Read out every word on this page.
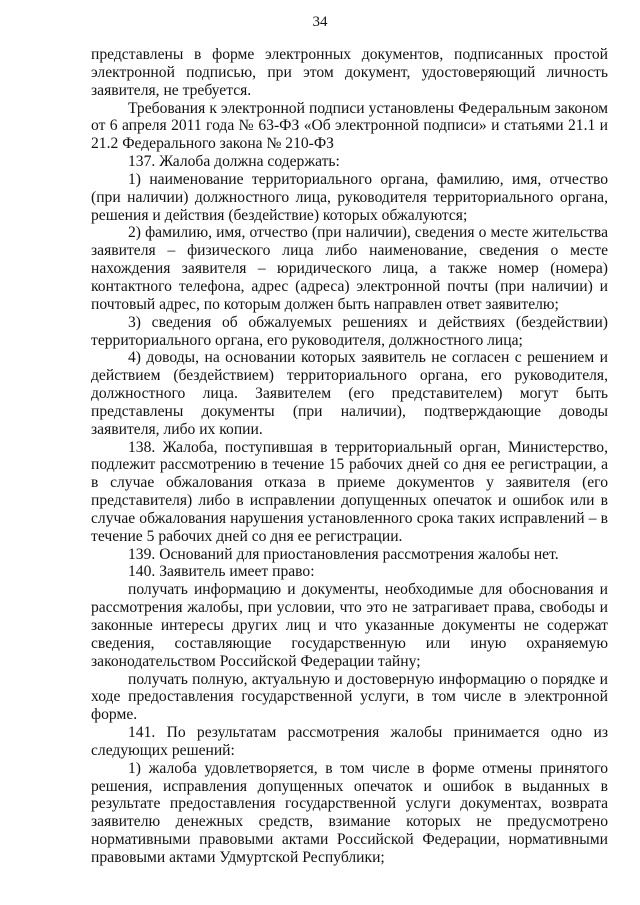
34

представлены в форме электронных документов, подписанных простой электронной подписью, при этом документ, удостоверяющий личность заявителя, не требуется.

Требования к электронной подписи установлены Федеральным законом от 6 апреля 2011 года № 63-ФЗ «Об электронной подписи» и статьями 21.1 и 21.2 Федерального закона № 210-ФЗ

137. Жалоба должна содержать:

1) наименование территориального органа, фамилию, имя, отчество (при наличии) должностного лица, руководителя территориального органа, решения и действия (бездействие) которых обжалуются;

2) фамилию, имя, отчество (при наличии), сведения о месте жительства заявителя – физического лица либо наименование, сведения о месте нахождения заявителя – юридического лица, а также номер (номера) контактного телефона, адрес (адреса) электронной почты (при наличии) и почтовый адрес, по которым должен быть направлен ответ заявителю;

3) сведения об обжалуемых решениях и действиях (бездействии) территориального органа, его руководителя, должностного лица;

4) доводы, на основании которых заявитель не согласен с решением и действием (бездействием) территориального органа, его руководителя, должностного лица. Заявителем (его представителем) могут быть представлены документы (при наличии), подтверждающие доводы заявителя, либо их копии.

138. Жалоба, поступившая в территориальный орган, Министерство, подлежит рассмотрению в течение 15 рабочих дней со дня ее регистрации, а в случае обжалования отказа в приеме документов у заявителя (его представителя) либо в исправлении допущенных опечаток и ошибок или в случае обжалования нарушения установленного срока таких исправлений – в течение 5 рабочих дней со дня ее регистрации.

139. Оснований для приостановления рассмотрения жалобы нет.

140. Заявитель имеет право:

получать информацию и документы, необходимые для обоснования и рассмотрения жалобы, при условии, что это не затрагивает права, свободы и законные интересы других лиц и что указанные документы не содержат сведения, составляющие государственную или иную охраняемую законодательством Российской Федерации тайну;

получать полную, актуальную и достоверную информацию о порядке и ходе предоставления государственной услуги, в том числе в электронной форме.

141. По результатам рассмотрения жалобы принимается одно из следующих решений:

1) жалоба удовлетворяется, в том числе в форме отмены принятого решения, исправления допущенных опечаток и ошибок в выданных в результате предоставления государственной услуги документах, возврата заявителю денежных средств, взимание которых не предусмотрено нормативными правовыми актами Российской Федерации, нормативными правовыми актами Удмуртской Республики;
